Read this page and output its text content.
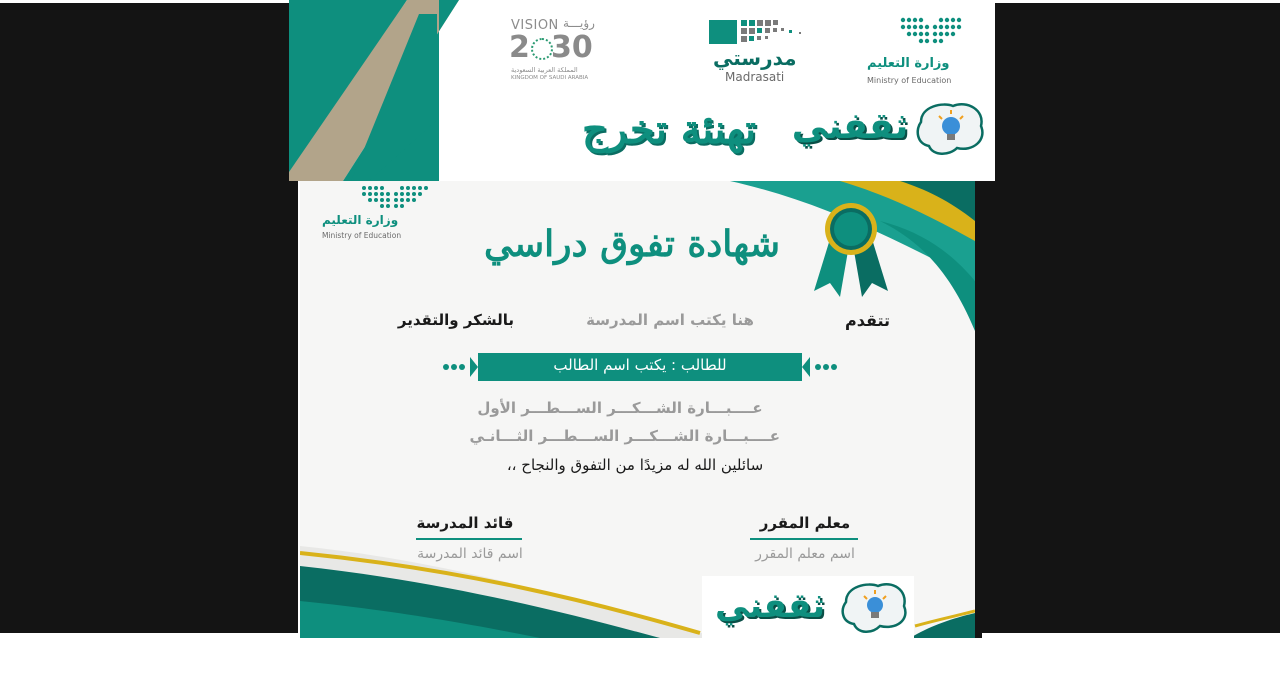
VISION رؤيـــة
2 30
المملكة العربية السعودية
KINGDOM OF SAUDI ARABIA
مدرستي
Madrasati
وزارة التعليم
Ministry of Education
تهنئة تخرج ثقفني
وزارة التعليم
Ministry of Education شهادة تفوق دراسي
تتقدم
هنا يكتب اسم المدرسة
بالشكر والتقدير
للطالب : يكتب اسم الطالب
عــــبـــارة الشـــكـــر الســـطـــر الأول
عــــبـــارة الشـــكـــر الســـطـــر الثـــانـي
سائلين الله له مزيدًا من التفوق والنجاح ،،
معلم المقرر
اسم معلم المقرر
قائد المدرسة
اسم قائد المدرسة
ثقفني
